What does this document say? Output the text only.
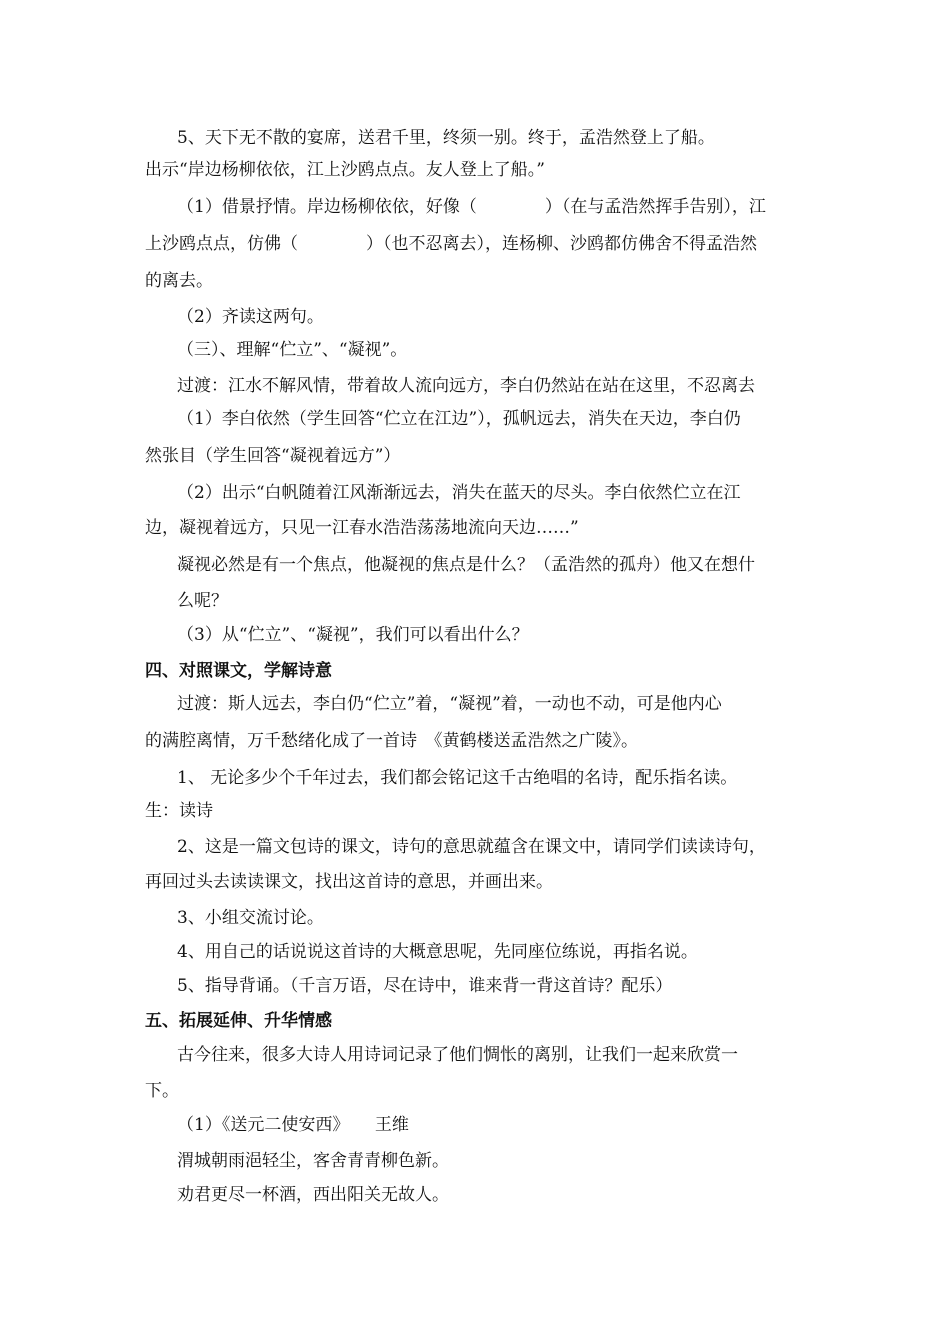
5、天下无不散的宴席，送君千里，终须一别。终于，孟浩然登上了船。
出示“岸边杨柳依依，江上沙鸥点点。友人登上了船。”
（1）借景抒情。岸边杨柳依依，好像（　　　　）（在与孟浩然挥手告别），江
上沙鸥点点，仿佛（　　　　）（也不忍离去），连杨柳、沙鸥都仿佛舍不得孟浩然
的离去。
（2）齐读这两句。
（三）、理解“伫立”、“凝视”。
过渡：江水不解风情，带着故人流向远方，李白仍然站在站在这里，不忍离去
（1）李白依然（学生回答“伫立在江边”），孤帆远去，消失在天边，李白仍
然张目（学生回答“凝视着远方”）
（2）出示“白帆随着江风渐渐远去，消失在蓝天的尽头。李白依然伫立在江
边，凝视着远方，只见一江春水浩浩荡荡地流向天边……”
凝视必然是有一个焦点，他凝视的焦点是什么？（孟浩然的孤舟）他又在想什
么呢？
（3）从“伫立”、“凝视”，我们可以看出什么？
四、对照课文，学解诗意
过渡：斯人远去，李白仍“伫立”着，“凝视”着，一动也不动，可是他内心
的满腔离情，万千愁绪化成了一首诗　《黄鹤楼送孟浩然之广陵》。
1、 无论多少个千年过去，我们都会铭记这千古绝唱的名诗，配乐指名读。
生：读诗
2、这是一篇文包诗的课文，诗句的意思就蕴含在课文中，请同学们读读诗句，
再回过头去读读课文，找出这首诗的意思，并画出来。
3、小组交流讨论。
4、用自己的话说说这首诗的大概意思呢，先同座位练说，再指名说。
5、指导背诵。（千言万语，尽在诗中，谁来背一背这首诗？配乐）
五、拓展延伸、升华情感
古今往来，很多大诗人用诗词记录了他们惆怅的离别，让我们一起来欣赏一
下。
（1）《送元二使安西》　　王维
渭城朝雨浥轻尘，客舍青青柳色新。
劝君更尽一杯酒，西出阳关无故人。
